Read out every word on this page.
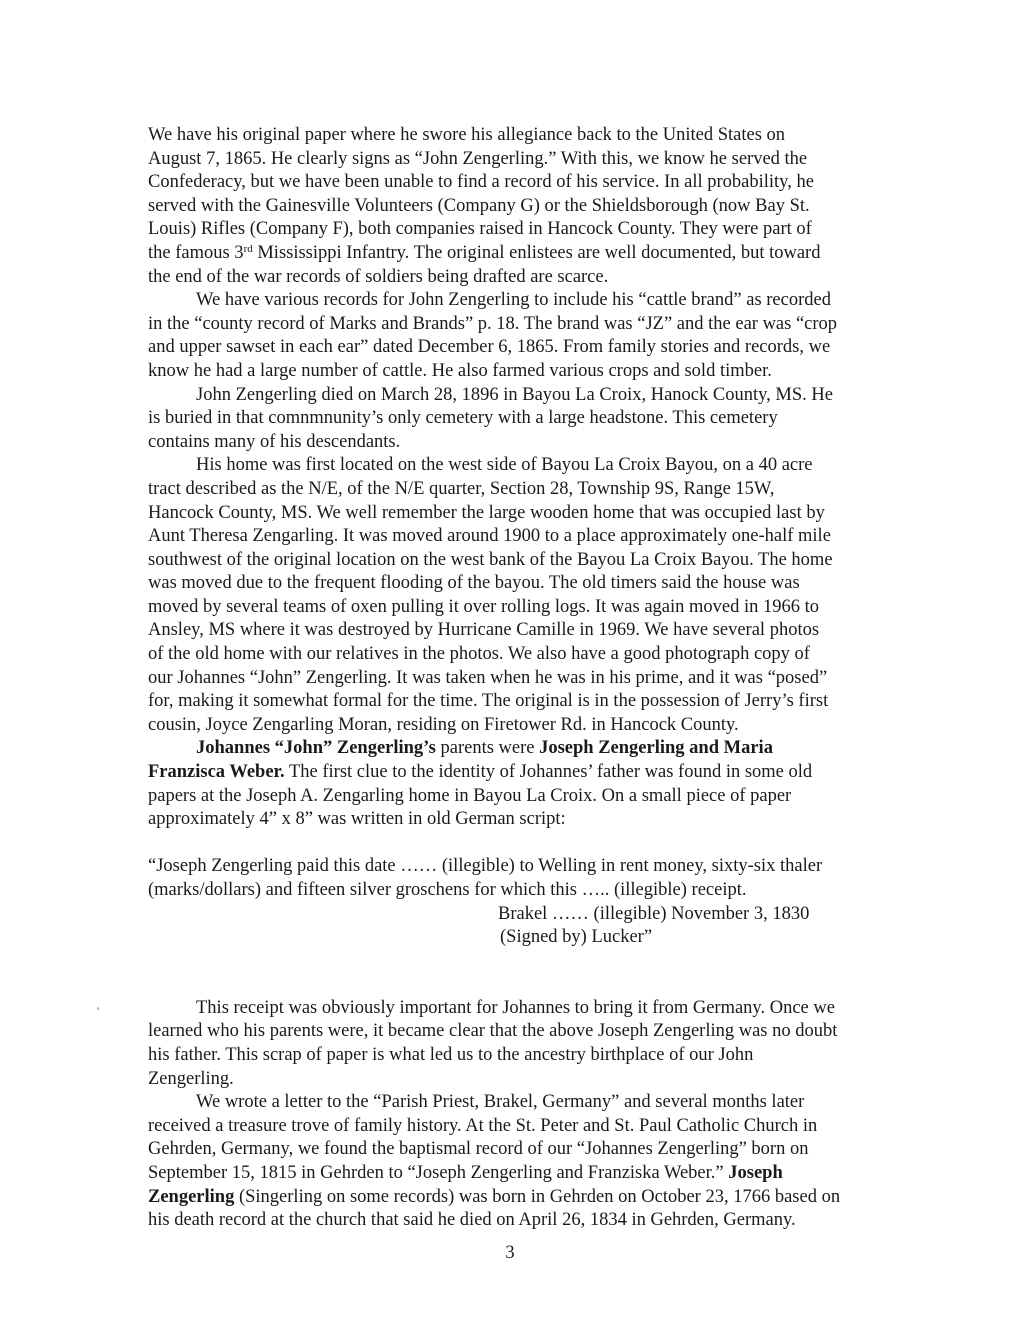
We have his original paper where he swore his allegiance back to the United States on
August 7, 1865. He clearly signs as “John Zengerling.” With this, we know he served the
Confederacy, but we have been unable to find a record of his service. In all probability, he
served with the Gainesville Volunteers (Company G) or the Shieldsborough (now Bay St.
Louis) Rifles (Company F), both companies raised in Hancock County. They were part of
the famous 3rd Mississippi Infantry. The original enlistees are well documented, but toward
the end of the war records of soldiers being drafted are scarce.
We have various records for John Zengerling to include his “cattle brand” as recorded
in the “county record of Marks and Brands” p. 18. The brand was “JZ” and the ear was “crop
and upper sawset in each ear” dated December 6, 1865. From family stories and records, we
know he had a large number of cattle. He also farmed various crops and sold timber.
John Zengerling died on March 28, 1896 in Bayou La Croix, Hanock County, MS. He
is buried in that comnmnunity’s only cemetery with a large headstone. This cemetery
contains many of his descendants.
His home was first located on the west side of Bayou La Croix Bayou, on a 40 acre
tract described as the N/E, of the N/E quarter, Section 28, Township 9S, Range 15W,
Hancock County, MS. We well remember the large wooden home that was occupied last by
Aunt Theresa Zengarling. It was moved around 1900 to a place approximately one-half mile
southwest of the original location on the west bank of the Bayou La Croix Bayou. The home
was moved due to the frequent flooding of the bayou. The old timers said the house was
moved by several teams of oxen pulling it over rolling logs. It was again moved in 1966 to
Ansley, MS where it was destroyed by Hurricane Camille in 1969. We have several photos
of the old home with our relatives in the photos. We also have a good photograph copy of
our Johannes “John” Zengerling. It was taken when he was in his prime, and it was “posed”
for, making it somewhat formal for the time. The original is in the possession of Jerry’s first
cousin, Joyce Zengarling Moran, residing on Firetower Rd. in Hancock County.
Johannes “John” Zengerling’s parents were Joseph Zengerling and Maria
Franzisca Weber. The first clue to the identity of Johannes’ father was found in some old
papers at the Joseph A. Zengarling home in Bayou La Croix. On a small piece of paper
approximately 4” x 8” was written in old German script:
“Joseph Zengerling paid this date …… (illegible) to Welling in rent money, sixty-six thaler
(marks/dollars) and fifteen silver groschens for which this ….. (illegible) receipt.
Brakel …… (illegible) November 3, 1830
(Signed by) Lucker”
This receipt was obviously important for Johannes to bring it from Germany. Once we
learned who his parents were, it became clear that the above Joseph Zengerling was no doubt
his father. This scrap of paper is what led us to the ancestry birthplace of our John
Zengerling.
We wrote a letter to the “Parish Priest, Brakel, Germany” and several months later
received a treasure trove of family history. At the St. Peter and St. Paul Catholic Church in
Gehrden, Germany, we found the baptismal record of our “Johannes Zengerling” born on
September 15, 1815 in Gehrden to “Joseph Zengerling and Franziska Weber.” Joseph
Zengerling (Singerling on some records) was born in Gehrden on October 23, 1766 based on
his death record at the church that said he died on April 26, 1834 in Gehrden, Germany.
'
3
